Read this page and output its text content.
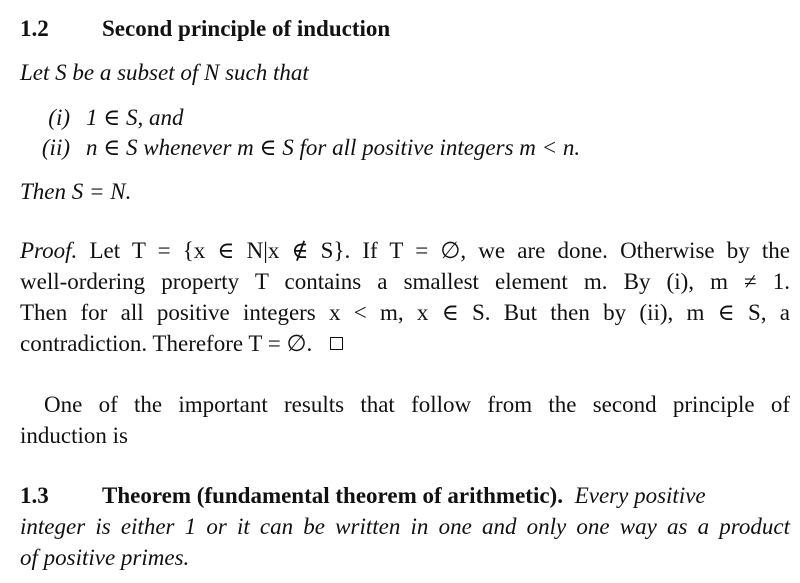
1.2 Second principle of induction
Let S be a subset of N such that
(i) 1 ∈ S, and
(ii) n ∈ S whenever m ∈ S for all positive integers m < n.
Then S = N.
Proof. Let T = {x ∈ N|x ∉ S}. If T = ∅, we are done. Otherwise by the
well-ordering property T contains a smallest element m. By (i), m ≠ 1.
Then for all positive integers x < m, x ∈ S. But then by (ii), m ∈ S, a
contradiction. Therefore T = ∅.
One of the important results that follow from the second principle of
induction is
1.3 Theorem (fundamental theorem of arithmetic). Every positive
integer is either 1 or it can be written in one and only one way as a product
of positive primes.
